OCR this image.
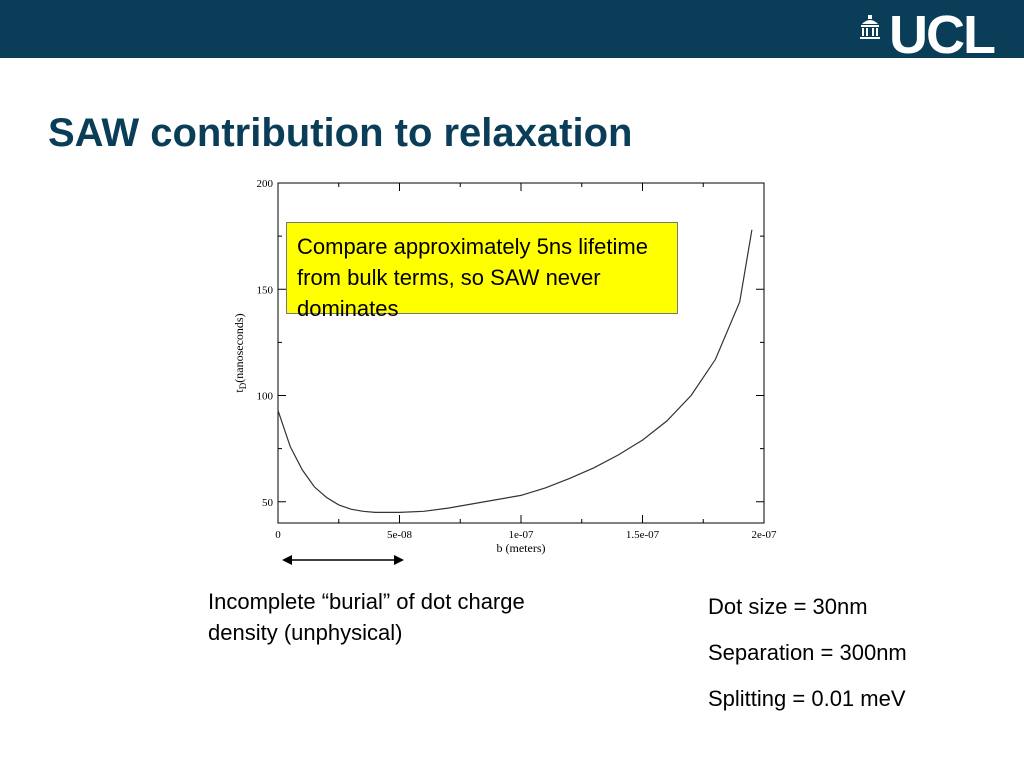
UCL
SAW contribution to relaxation
0	5e-08	1e-07	1.5e-07	2e-07
50
100
150
200
b (meters)
$t_D(nanoseconds)$
Compare approximately 5ns lifetime from bulk terms, so SAW never dominates
Incomplete “burial” of dot charge density (unphysical)
Dot size = 30nm
Separation = 300nm
Splitting = 0.01 meV
